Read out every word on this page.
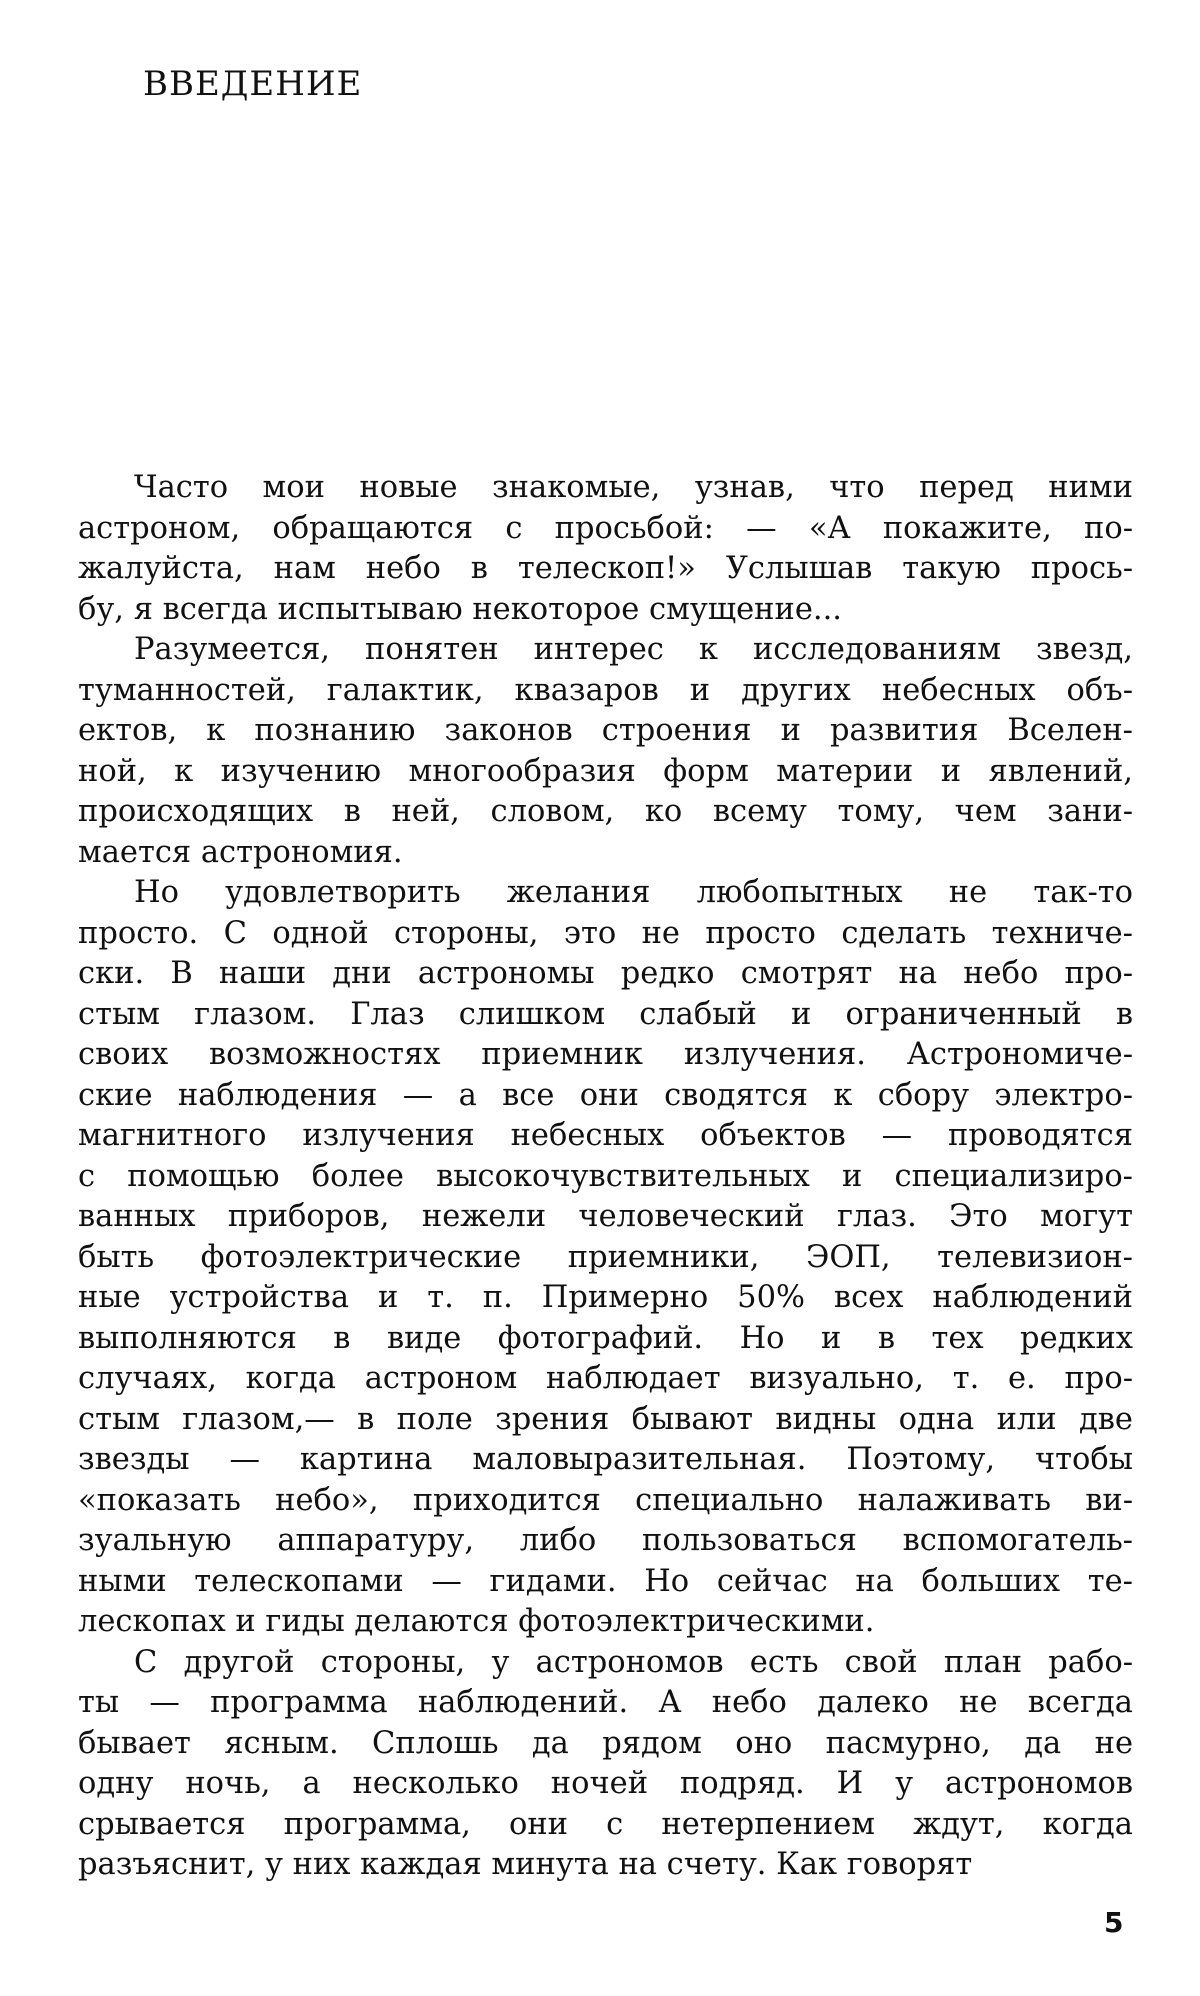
ВВЕДЕНИЕ
Часто мои новые знакомые, узнав, что перед ними
астроном, обращаются с просьбой: — «А покажите, по-
жалуйста, нам небо в телескоп!» Услышав такую прось-
бу, я всегда испытываю некоторое смущение...
Разумеется, понятен интерес к исследованиям звезд,
туманностей, галактик, квазаров и других небесных объ-
ектов, к познанию законов строения и развития Вселен-
ной, к изучению многообразия форм материи и явлений,
происходящих в ней, словом, ко всему тому, чем зани-
мается астрономия.
Но удовлетворить желания любопытных не так-то
просто. С одной стороны, это не просто сделать техниче-
ски. В наши дни астрономы редко смотрят на небо про-
стым глазом. Глаз слишком слабый и ограниченный в
своих возможностях приемник излучения. Астрономиче-
ские наблюдения — а все они сводятся к сбору электро-
магнитного излучения небесных объектов — проводятся
с помощью более высокочувствительных и специализиро-
ванных приборов, нежели человеческий глаз. Это могут
быть фотоэлектрические приемники, ЭОП, телевизион-
ные устройства и т. п. Примерно 50% всех наблюдений
выполняются в виде фотографий. Но и в тех редких
случаях, когда астроном наблюдает визуально, т. е. про-
стым глазом,— в поле зрения бывают видны одна или две
звезды — картина маловыразительная. Поэтому, чтобы
«показать небо», приходится специально налаживать ви-
зуальную аппаратуру, либо пользоваться вспомогатель-
ными телескопами — гидами. Но сейчас на больших те-
лескопах и гиды делаются фотоэлектрическими.
С другой стороны, у астрономов есть свой план рабо-
ты — программа наблюдений. А небо далеко не всегда
бывает ясным. Сплошь да рядом оно пасмурно, да не
одну ночь, а несколько ночей подряд. И у астрономов
срывается программа, они с нетерпением ждут, когда
разъяснит, у них каждая минута на счету. Как говорят
5
